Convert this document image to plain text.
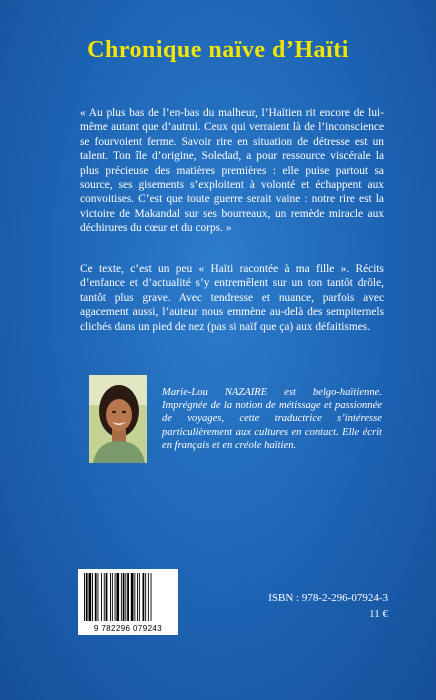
Chronique naïve d’Haïti

« Au plus bas de l’en-bas du malheur, l’Haïtien rit encore de lui-même autant que d’autrui. Ceux qui verraient là de l’inconscience se fourvoient ferme. Savoir rire en situation de détresse est un talent. Ton île d’origine, Soledad, a pour ressource viscérale la plus précieuse des matières premières : elle puise partout sa source, ses gisements s’exploitent à volonté et échappent aux convoitises. C’est que toute guerre serait vaine : notre rire est la victoire de Makandal sur ses bourreaux, un remède miracle aux déchirures du cœur et du corps. »

Ce texte, c’est un peu « Haïti racontée à ma fille ». Récits d’enfance et d’actualité s’y entremêlent sur un ton tantôt drôle, tantôt plus grave. Avec tendresse et nuance, parfois avec agacement aussi, l’auteur nous emmène au-delà des sempiternels clichés dans un pied de nez (pas si naïf que ça) aux défaitismes.

Marie-Lou NAZAIRE est belgo-haïtienne. Imprégnée de la notion de métissage et passionnée de voyages, cette traductrice s’intéresse particulièrement aux cultures en contact. Elle écrit en français et en créole haïtien.

9 782296 079243
ISBN : 978-2-296-07924-3
11 €
